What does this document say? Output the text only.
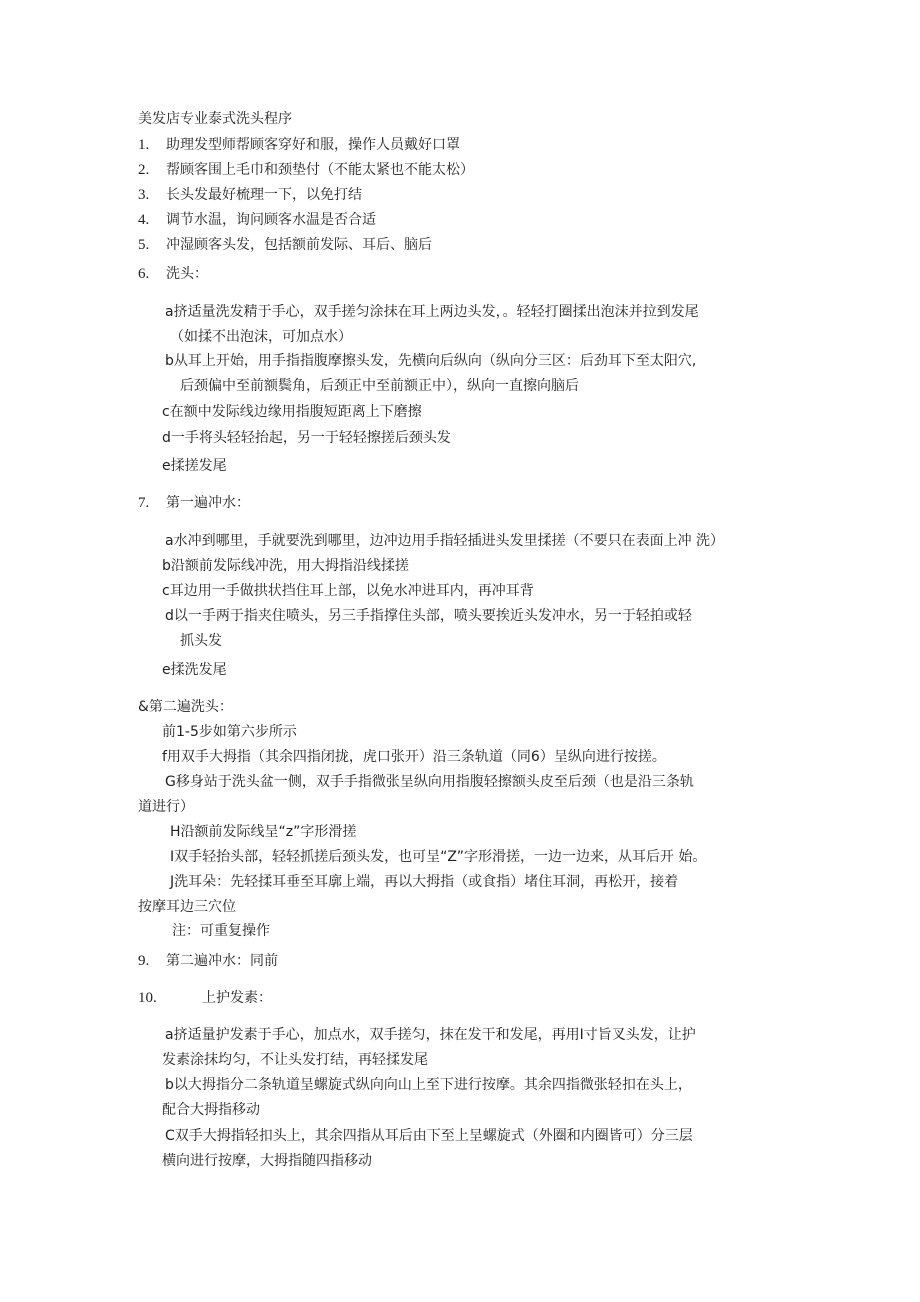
美发店专业泰式洗头程序
1. 助理发型师帮顾客穿好和服，操作人员戴好口罩
2. 帮顾客围上毛巾和颈垫付（不能太紧也不能太松）
3. 长头发最好梳理一下，以免打结
4. 调节水温，询问顾客水温是否合适
5. 冲湿顾客头发，包括额前发际、耳后、脑后
6. 洗头：
a挤适量洗发精于手心，双手搓匀涂抹在耳上两边头发，。轻轻打圈揉出泡沫并拉到发尾
（如揉不出泡沫，可加点水）
b从耳上开始，用手指指腹摩擦头发，先横向后纵向（纵向分三区：后劲耳下至太阳穴,
后颈偏中至前额鬓角，后颈正中至前额正中），纵向一直擦向脑后
c在额中发际线边缘用指腹短距离上下磨擦
d一手将头轻轻抬起，另一于轻轻擦搓后颈头发
e揉搓发尾
7. 第一遍冲水：
a水冲到哪里，手就要洗到哪里，边冲边用手指轻插进头发里揉搓（不要只在表面上冲 洗）
b沿额前发际线冲洗，用大拇指沿线揉搓
c耳边用一手做拱状挡住耳上部，以免水冲进耳内，再冲耳背
d以一手两于指夹住喷头，另三手指撑住头部，喷头要挨近头发冲水，另一于轻拍或轻
抓头发
e揉洗发尾
&第二遍洗头：
前1-5步如第六步所示
f用双手大拇指（其余四指闭拢，虎口张开）沿三条轨道（同6）呈纵向进行按搓。
G移身站于洗头盆一侧，双手手指微张呈纵向用指腹轻擦额头皮至后颈（也是沿三条轨
道进行）
H沿额前发际线呈“z”字形滑搓
I双手轻抬头部，轻轻抓搓后颈头发，也可呈“Z”字形滑搓，一边一边来，从耳后开 始。
J洗耳朵：先轻揉耳垂至耳廓上端，再以大拇指（或食指）堵住耳洞，再松开，接着
按摩耳边三穴位
注：可重复操作
9. 第二遍冲水：同前
10.	上护发素：
a挤适量护发素于手心，加点水，双手搓匀，抹在发干和发尾，再用I寸旨叉头发，让护
发素涂抹均匀，不让头发打结，再轻揉发尾
b以大拇指分二条轨道呈螺旋式纵向向山上至下进行按摩。其余四指微张轻扣在头上，
配合大拇指移动
C双手大拇指轻扣头上，其余四指从耳后由下至上呈螺旋式（外圈和内圈皆可）分三层
横向进行按摩，大拇指随四指移动
